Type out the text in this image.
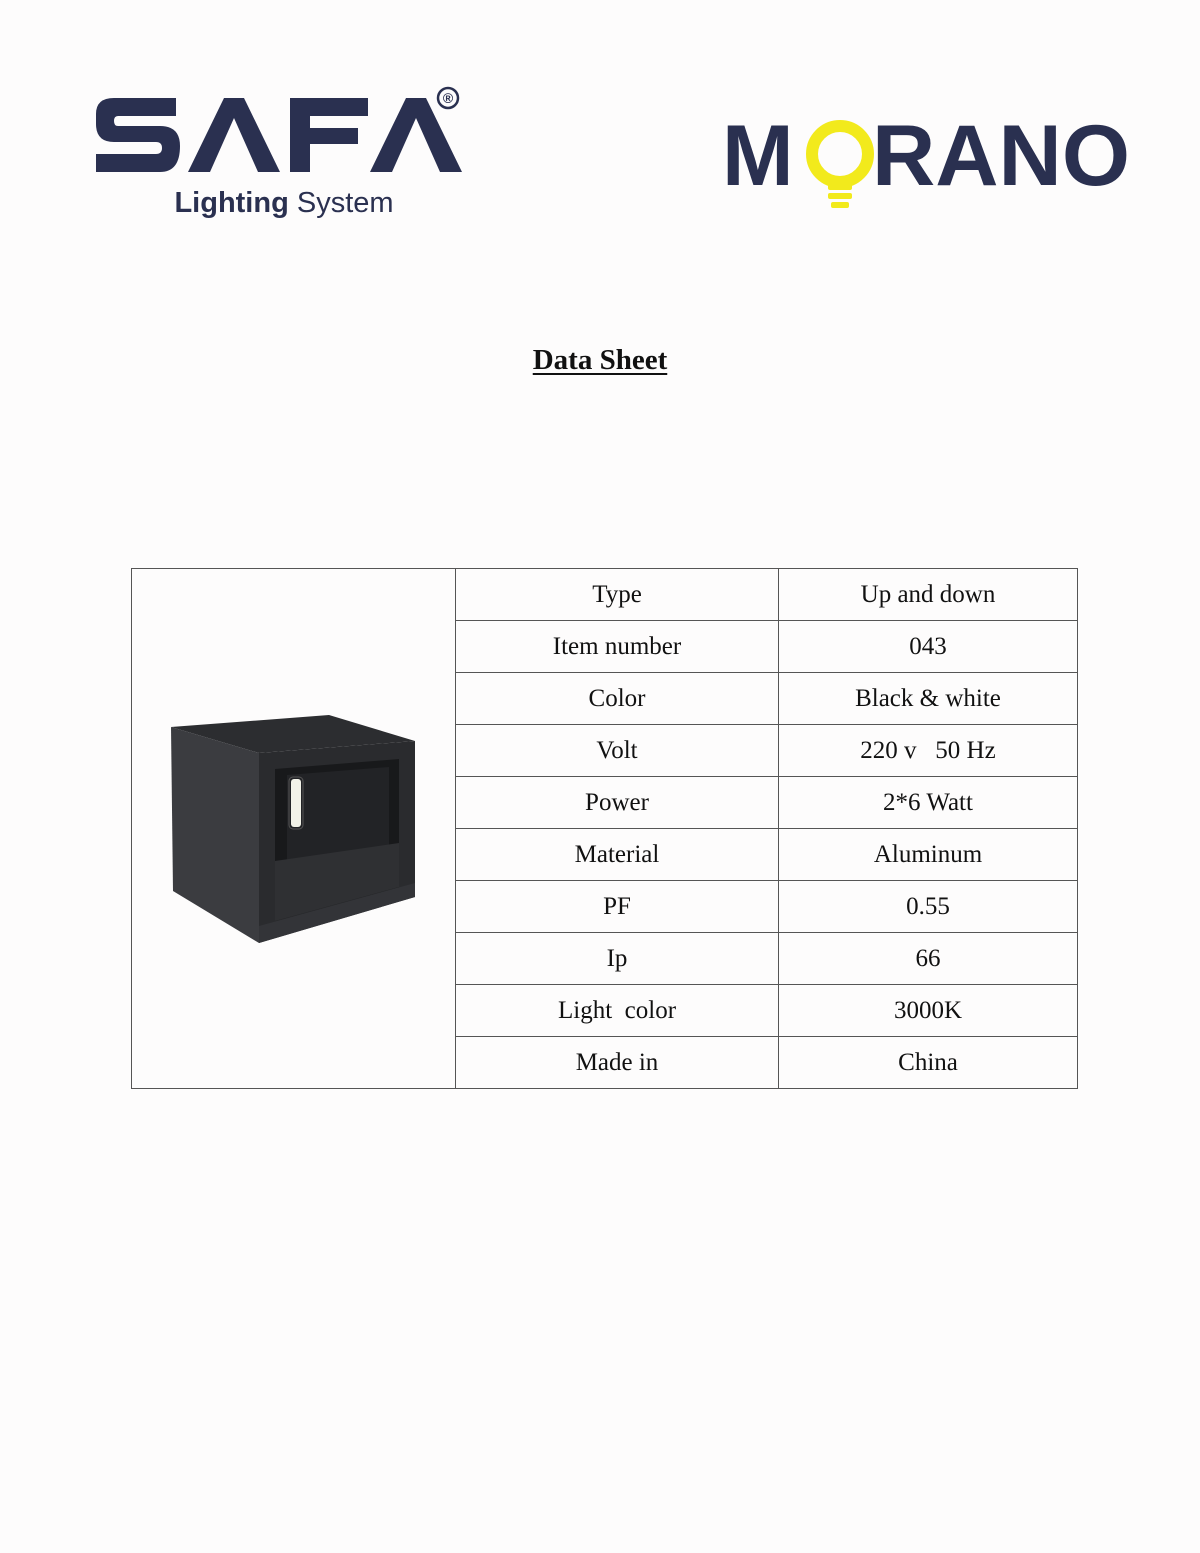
®
Lighting System	M RANO
Data Sheet
	Type	Up and down
	Item number	043
	Color	Black & white
	Volt	220 v   50 Hz
	Power	2*6 Watt
	Material	Aluminum
	PF	0.55
	Ip	66
	Light  color	3000K
	Made in	China
